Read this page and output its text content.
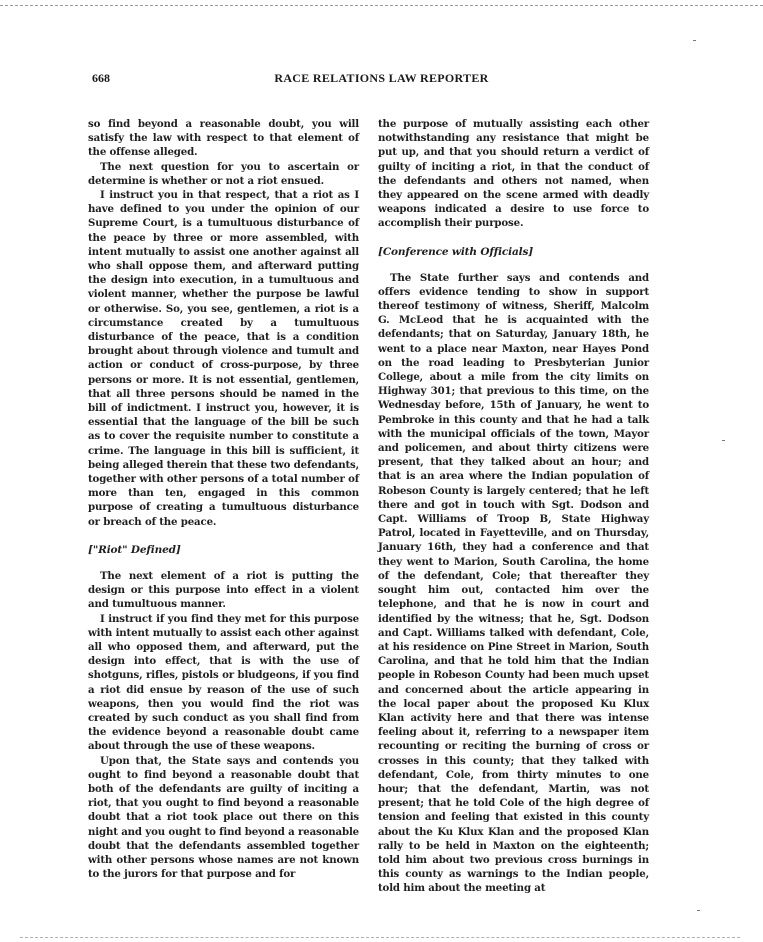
668	RACE RELATIONS LAW REPORTER

so find beyond a reasonable doubt, you will satisfy the law with respect to that element of the offense alleged.

The next question for you to ascertain or determine is whether or not a riot ensued.

I instruct you in that respect, that a riot as I have defined to you under the opinion of our Supreme Court, is a tumultuous disturbance of the peace by three or more assembled, with intent mutually to assist one another against all who shall oppose them, and afterward putting the design into execution, in a tumultuous and violent manner, whether the purpose be lawful or otherwise. So, you see, gentlemen, a riot is a circumstance created by a tumultuous disturbance of the peace, that is a condition brought about through violence and tumult and action or conduct of cross-purpose, by three persons or more. It is not essential, gentlemen, that all three persons should be named in the bill of indictment. I instruct you, however, it is essential that the language of the bill be such as to cover the requisite number to constitute a crime. The language in this bill is sufficient, it being alleged therein that these two defendants, together with other persons of a total number of more than ten, engaged in this common purpose of creating a tumultuous disturbance or breach of the peace.

["Riot" Defined]

The next element of a riot is putting the design or this purpose into effect in a violent and tumultuous manner.

I instruct if you find they met for this purpose with intent mutually to assist each other against all who opposed them, and afterward, put the design into effect, that is with the use of shotguns, rifles, pistols or bludgeons, if you find a riot did ensue by reason of the use of such weapons, then you would find the riot was created by such conduct as you shall find from the evidence beyond a reasonable doubt came about through the use of these weapons.

Upon that, the State says and contends you ought to find beyond a reasonable doubt that both of the defendants are guilty of inciting a riot, that you ought to find beyond a reasonable doubt that a riot took place out there on this night and you ought to find beyond a reasonable doubt that the defendants assembled together with other persons whose names are not known to the jurors for that purpose and for

the purpose of mutually assisting each other notwithstanding any resistance that might be put up, and that you should return a verdict of guilty of inciting a riot, in that the conduct of the defendants and others not named, when they appeared on the scene armed with deadly weapons indicated a desire to use force to accomplish their purpose.

[Conference with Officials]

The State further says and contends and offers evidence tending to show in support thereof testimony of witness, Sheriff, Malcolm G. McLeod that he is acquainted with the defendants; that on Saturday, January 18th, he went to a place near Maxton, near Hayes Pond on the road leading to Presbyterian Junior College, about a mile from the city limits on Highway 301; that previous to this time, on the Wednesday before, 15th of January, he went to Pembroke in this county and that he had a talk with the municipal officials of the town, Mayor and policemen, and about thirty citizens were present, that they talked about an hour; and that is an area where the Indian population of Robeson County is largely centered; that he left there and got in touch with Sgt. Dodson and Capt. Williams of Troop B, State Highway Patrol, located in Fayetteville, and on Thursday, January 16th, they had a conference and that they went to Marion, South Carolina, the home of the defendant, Cole; that thereafter they sought him out, contacted him over the telephone, and that he is now in court and identified by the witness; that he, Sgt. Dodson and Capt. Williams talked with defendant, Cole, at his residence on Pine Street in Marion, South Carolina, and that he told him that the Indian people in Robeson County had been much upset and concerned about the article appearing in the local paper about the proposed Ku Klux Klan activity here and that there was intense feeling about it, referring to a newspaper item recounting or reciting the burning of cross or crosses in this county; that they talked with defendant, Cole, from thirty minutes to one hour; that the defendant, Martin, was not present; that he told Cole of the high degree of tension and feeling that existed in this county about the Ku Klux Klan and the proposed Klan rally to be held in Maxton on the eighteenth; told him about two previous cross burnings in this county as warnings to the Indian people, told him about the meeting at
